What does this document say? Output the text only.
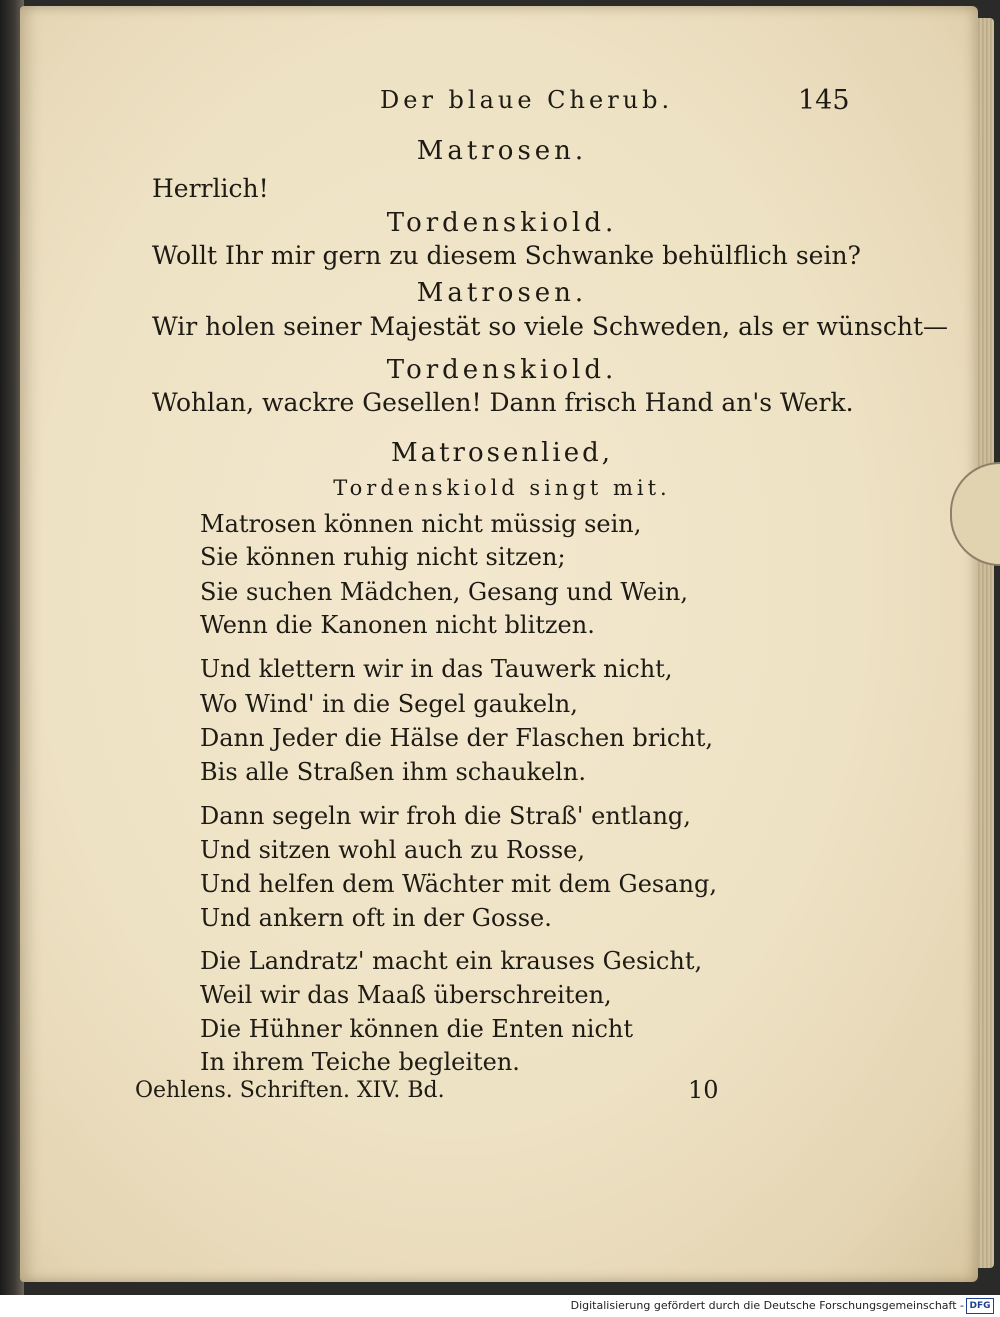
Der blaue Cherub.	145
Matrosen.
Herrlich!
Tordenskiold.
Wollt Ihr mir gern zu diesem Schwanke behülflich sein?
Matrosen.
Wir holen seiner Majestät so viele Schweden, als er wünscht—
Tordenskiold.
Wohlan, wackre Gesellen! Dann frisch Hand an's Werk.
Matrosenlied,
Tordenskiold singt mit.
Matrosen können nicht müssig sein,
Sie können ruhig nicht sitzen;
Sie suchen Mädchen, Gesang und Wein,
Wenn die Kanonen nicht blitzen.
Und klettern wir in das Tauwerk nicht,
Wo Wind' in die Segel gaukeln,
Dann Jeder die Hälse der Flaschen bricht,
Bis alle Straßen ihm schaukeln.
Dann segeln wir froh die Straß' entlang,
Und sitzen wohl auch zu Rosse,
Und helfen dem Wächter mit dem Gesang,
Und ankern oft in der Gosse.
Die Landratz' macht ein krauses Gesicht,
Weil wir das Maaß überschreiten,
Die Hühner können die Enten nicht
In ihrem Teiche begleiten.
Oehlens. Schriften. XIV. Bd.	10
Digitalisierung gefördert durch die Deutsche Forschungsgemeinschaft - DFG
